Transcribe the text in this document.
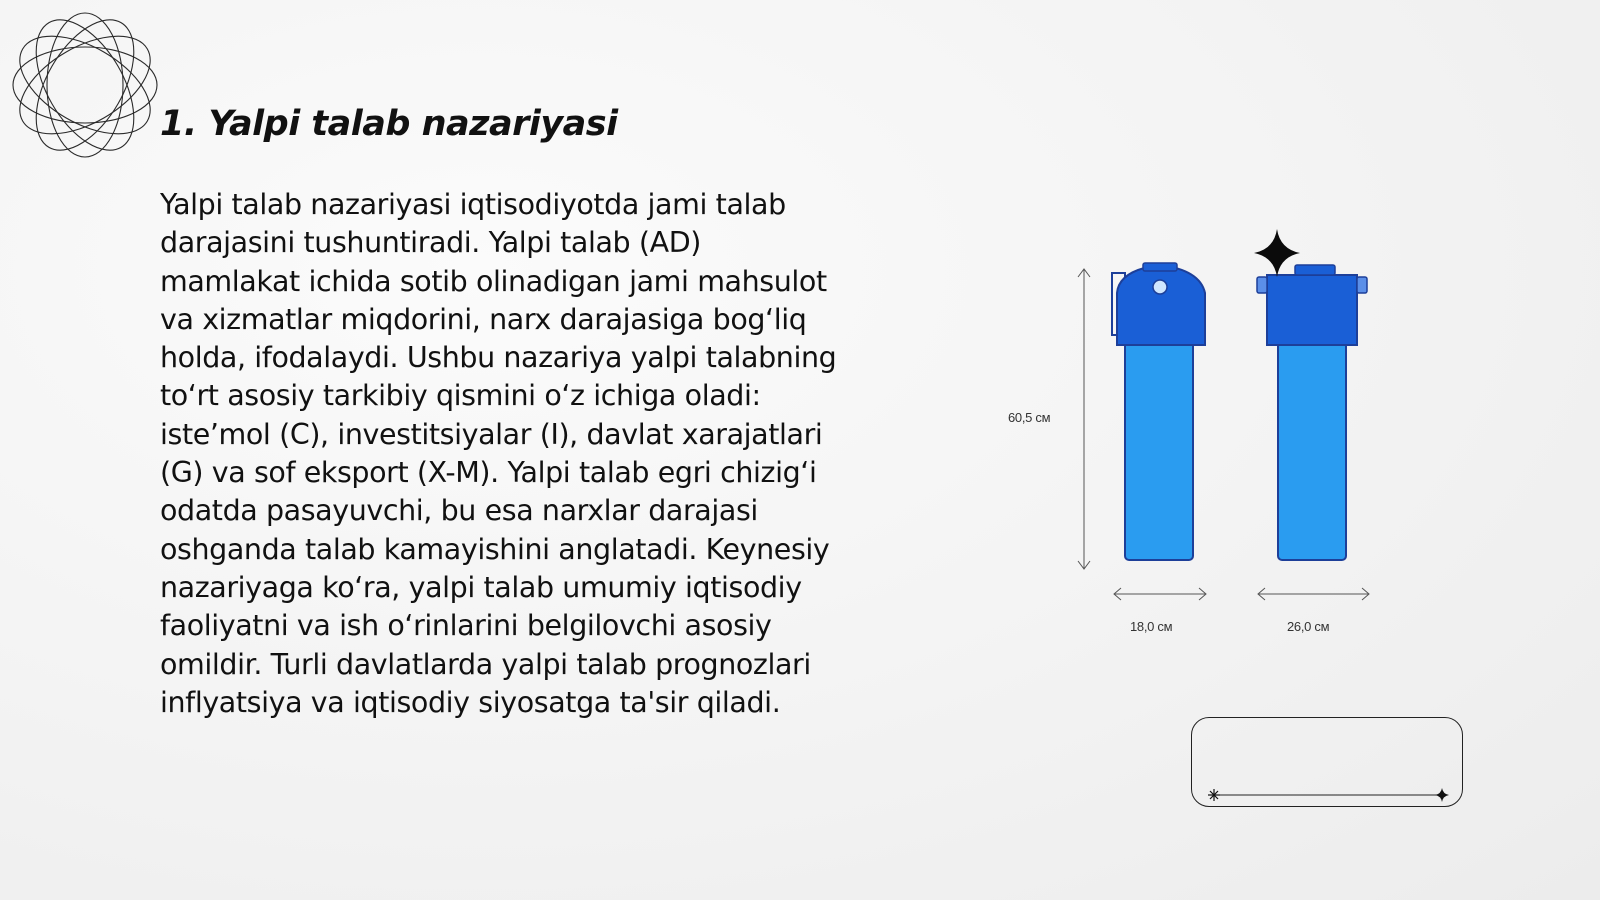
1. Yalpi talab nazariyasi

Yalpi talab nazariyasi iqtisodiyotda jami talab darajasini tushuntiradi. Yalpi talab (AD) mamlakat ichida sotib olinadigan jami mahsulot va xizmatlar miqdorini, narx darajasiga bog‘liq holda, ifodalaydi. Ushbu nazariya yalpi talabning to‘rt asosiy tarkibiy qismini o‘z ichiga oladi: iste’mol (C), investitsiyalar (I), davlat xarajatlari (G) va sof eksport (X-M). Yalpi talab egri chizig‘i odatda pasayuvchi, bu esa narxlar darajasi oshganda talab kamayishini anglatadi. Keynesiy nazariyaga ko‘ra, yalpi talab umumiy iqtisodiy faoliyatni va ish o‘rinlarini belgilovchi asosiy omildir. Turli davlatlarda yalpi talab prognozlari inflyatsiya va iqtisodiy siyosatga ta'sir qiladi.

60,5 см
18,0 см	26,0 см
